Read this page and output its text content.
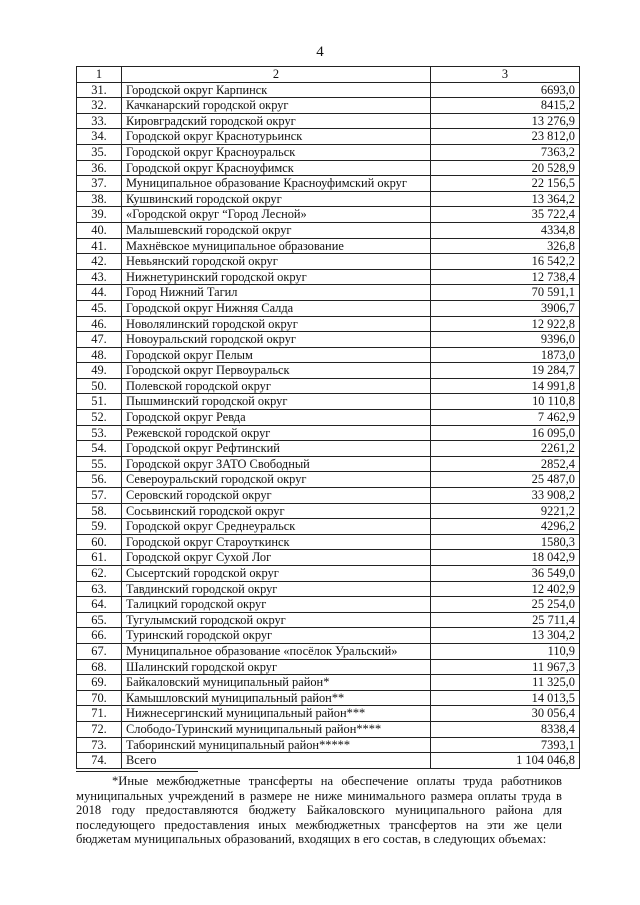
4
1	2	3
31.	Городской округ Карпинск	6693,0
32.	Качканарский городской округ	8415,2
33.	Кировградский городской округ	13 276,9
34.	Городской округ Краснотурьинск	23 812,0
35.	Городской округ Красноуральск	7363,2
36.	Городской округ Красноуфимск	20 528,9
37.	Муниципальное образование Красноуфимский округ	22 156,5
38.	Кушвинский городской округ	13 364,2
39.	«Городской округ “Город Лесной»	35 722,4
40.	Малышевский городской округ	4334,8
41.	Махнёвское муниципальное образование	326,8
42.	Невьянский городской округ	16 542,2
43.	Нижнетуринский городской округ	12 738,4
44.	Город Нижний Тагил	70 591,1
45.	Городской округ Нижняя Салда	3906,7
46.	Новолялинский городской округ	12 922,8
47.	Новоуральский городской округ	9396,0
48.	Городской округ Пелым	1873,0
49.	Городской округ Первоуральск	19 284,7
50.	Полевской городской округ	14 991,8
51.	Пышминский городской округ	10 110,8
52.	Городской округ Ревда	7 462,9
53.	Режевской городской округ	16 095,0
54.	Городской округ Рефтинский	2261,2
55.	Городской округ ЗАТО Свободный	2852,4
56.	Североуральский городской округ	25 487,0
57.	Серовский городской округ	33 908,2
58.	Сосьвинский городской округ	9221,2
59.	Городской округ Среднеуральск	4296,2
60.	Городской округ Староуткинск	1580,3
61.	Городской округ Сухой Лог	18 042,9
62.	Сысертский городской округ	36 549,0
63.	Тавдинский городской округ	12 402,9
64.	Талицкий городской округ	25 254,0
65.	Тугулымский городской округ	25 711,4
66.	Туринский городской округ	13 304,2
67.	Муниципальное образование «посёлок Уральский»	110,9
68.	Шалинский городской округ	11 967,3
69.	Байкаловский муниципальный район*	11 325,0
70.	Камышловский муниципальный район**	14 013,5
71.	Нижнесергинский муниципальный район***	30 056,4
72.	Слободо-Туринский муниципальный район****	8338,4
73.	Таборинский муниципальный район*****	7393,1
74.	Всего	1 104 046,8
*Иные межбюджетные трансферты на обеспечение оплаты труда работников муниципальных учреждений в размере не ниже минимального размера оплаты труда в 2018 году предоставляются бюджету Байкаловского муниципального района для последующего предоставления иных межбюджетных трансфертов на эти же цели бюджетам муниципальных образований, входящих в его состав, в следующих объемах:
